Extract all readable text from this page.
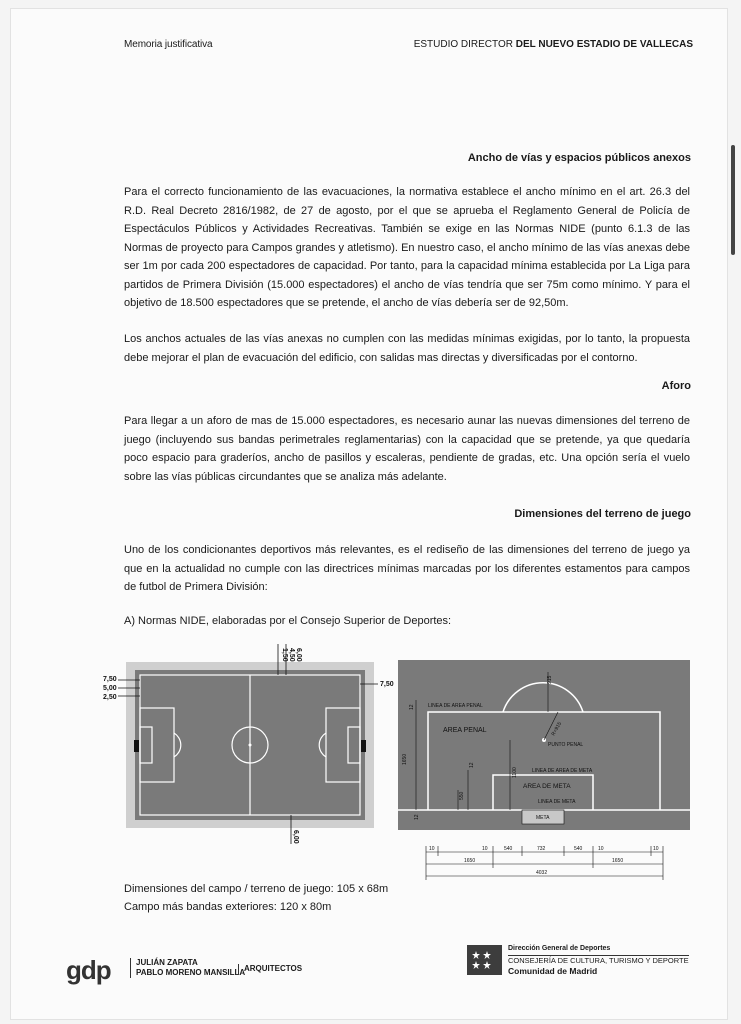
Memoria justificativa	ESTUDIO DIRECTOR DEL NUEVO ESTADIO DE VALLECAS
Ancho de vías y espacios públicos anexos
Para el correcto funcionamiento de las evacuaciones, la normativa establece el ancho mínimo en el art. 26.3 del R.D. Real Decreto 2816/1982, de 27 de agosto, por el que se aprueba el Reglamento General de Policía de Espectáculos Públicos y Actividades Recreativas. También se exige en las Normas NIDE (punto 6.1.3 de las Normas de proyecto para Campos grandes y atletismo). En nuestro caso, el ancho mínimo de las vías anexas debe ser 1m por cada 200 espectadores de capacidad. Por tanto, para la capacidad mínima establecida por La Liga para partidos de Primera División (15.000 espectadores) el ancho de vías tendría que ser 75m como mínimo. Y para el objetivo de 18.500 espectadores que se pretende, el ancho de vías debería ser de 92,50m.
Los anchos actuales de las vías anexas no cumplen con las medidas mínimas exigidas, por lo tanto, la propuesta debe mejorar el plan de evacuación del edificio, con salidas mas directas y diversificadas por el contorno.
Aforo
Para llegar a un aforo de mas de 15.000 espectadores, es necesario aunar las nuevas dimensiones del terreno de juego (incluyendo sus bandas perimetrales reglamentarias) con la capacidad que se pretende, ya que quedaría poco espacio para graderíos, ancho de pasillos y escaleras, pendiente de gradas, etc. Una opción sería el vuelo sobre las vías públicas circundantes que se analiza más adelante.
Dimensiones del terreno de juego
Uno de los condicionantes deportivos más relevantes, es el rediseño de las dimensiones del terreno de juego ya que en la actualidad no cumple con las directrices mínimas marcadas por los diferentes estamentos para campos de futbol de Primera División:
A) Normas NIDE, elaboradas por el Consejo Superior de Deportes:
7,50
5,00
2,50
7,50
6,00
4,50
1,50
6,00
LINEA DE AREA PENAL
AREA PENAL
PUNTO PENAL
LINEA DE AREA DE META
AREA DE META
LINEA DE META
META
915
R=915
12
1650
1100
12
550
12
10	10	540	732	540	10	10
1650	1650
4032
Dimensiones del campo / terreno de juego: 105 x 68m
Campo más bandas exteriores: 120 x 80m
gdp	JULIÁN ZAPATA
PABLO MORENO MANSILLA
ARQUITECTOS
Dirección General de Deportes
CONSEJERÍA DE CULTURA, TURISMO Y DEPORTE
Comunidad de Madrid
